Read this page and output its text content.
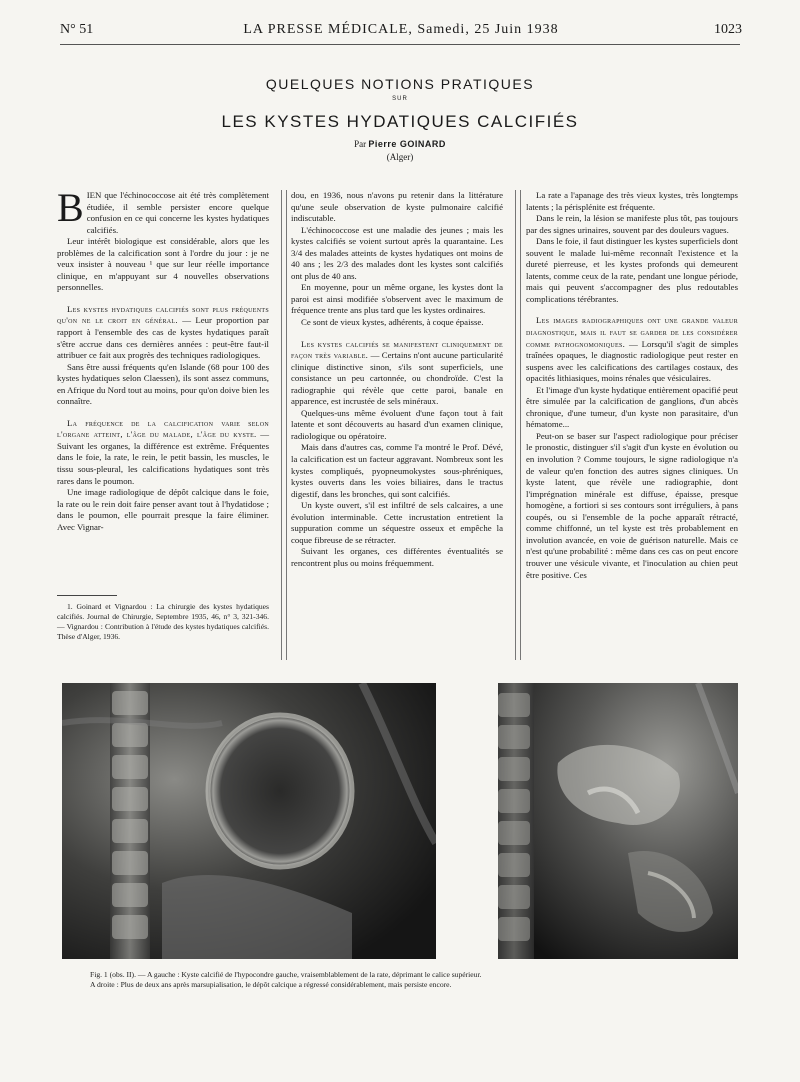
N° 51	LA PRESSE MÉDICALE, Samedi, 25 Juin 1938	1023
QUELQUES NOTIONS PRATIQUES
SUR
LES KYSTES HYDATIQUES CALCIFIÉS
Par Pierre GOINARD
(Alger)

BIEN que l'échinococcose ait été très complètement étudiée, il semble persister encore quelque confusion en ce qui concerne les kystes hydatiques calcifiés.

Leur intérêt biologique est considérable, alors que les problèmes de la calcification sont à l'ordre du jour : je ne veux insister à nouveau ¹ que sur leur réelle importance clinique, en m'appuyant sur 4 nouvelles observations personnelles.

Les kystes hydatiques calcifiés sont plus fréquents qu'on ne le croit en général. — Leur proportion par rapport à l'ensemble des cas de kystes hydatiques paraît s'être accrue dans ces dernières années : peut-être faut-il attribuer ce fait aux progrès des techniques radiologiques.

Sans être aussi fréquents qu'en Islande (68 pour 100 des kystes hydatiques selon Claessen), ils sont assez communs, en Afrique du Nord tout au moins, pour qu'on doive bien les connaître.

La fréquence de la calcification varie selon l'organe atteint, l'âge du malade, l'âge du kyste. — Suivant les organes, la différence est extrême. Fréquentes dans le foie, la rate, le rein, le petit bassin, les muscles, le tissu sous-pleural, les calcifications hydatiques sont très rares dans le poumon.

Une image radiologique de dépôt calcique dans le foie, la rate ou le rein doit faire penser avant tout à l'hydatidose ; dans le poumon, elle pourrait presque la faire éliminer. Avec Vignar-

1. Goinard et Vignardou : La chirurgie des kystes hydatiques calcifiés. Journal de Chirurgie, Septembre 1935, 46, n° 3, 321-346. — Vignardou : Contribution à l'étude des kystes hydatiques calcifiés. Thèse d'Alger, 1936.

dou, en 1936, nous n'avons pu retenir dans la littérature qu'une seule observation de kyste pulmonaire calcifié indiscutable.

L'échinococcose est une maladie des jeunes ; mais les kystes calcifiés se voient surtout après la quarantaine. Les 3/4 des malades atteints de kystes hydatiques ont moins de 40 ans ; les 2/3 des malades dont les kystes sont calcifiés ont plus de 40 ans.

En moyenne, pour un même organe, les kystes dont la paroi est ainsi modifiée s'observent avec le maximum de fréquence trente ans plus tard que les kystes ordinaires.

Ce sont de vieux kystes, adhérents, à coque épaisse.

Les kystes calcifiés se manifestent cliniquement de façon très variable. — Certains n'ont aucune particularité clinique distinctive sinon, s'ils sont superficiels, une consistance un peu cartonnée, ou chondroïde. C'est la radiographie qui révèle que cette paroi, banale en apparence, est incrustée de sels minéraux.

Quelques-uns même évoluent d'une façon tout à fait latente et sont découverts au hasard d'un examen clinique, radiologique ou opératoire.

Mais dans d'autres cas, comme l'a montré le Prof. Dévé, la calcification est un facteur aggravant. Nombreux sont les kystes compliqués, pyopneumokystes sous-phréniques, kystes ouverts dans les voies biliaires, dans le tractus digestif, dans les bronches, qui sont calcifiés.

Un kyste ouvert, s'il est infiltré de sels calcaires, a une évolution interminable. Cette incrustation entretient la suppuration comme un séquestre osseux et empêche la coque fibreuse de se rétracter.

Suivant les organes, ces différentes éventualités se rencontrent plus ou moins fréquemment.

La rate a l'apanage des très vieux kystes, très longtemps latents ; la périsplénite est fréquente.

Dans le rein, la lésion se manifeste plus tôt, pas toujours par des signes urinaires, souvent par des douleurs vagues.

Dans le foie, il faut distinguer les kystes superficiels dont souvent le malade lui-même reconnaît l'existence et la dureté pierreuse, et les kystes profonds qui demeurent latents, comme ceux de la rate, pendant une longue période, mais qui peuvent s'accompagner des plus redoutables complications térébrantes.

Les images radiographiques ont une grande valeur diagnostique, mais il faut se garder de les considérer comme pathognomoniques. — Lorsqu'il s'agit de simples traînées opaques, le diagnostic radiologique peut rester en suspens avec les calcifications des cartilages costaux, des opacités lithiasiques, moins rénales que vésiculaires.

Et l'image d'un kyste hydatique entièrement opacifié peut être simulée par la calcification de ganglions, d'un abcès chronique, d'une tumeur, d'un kyste non parasitaire, d'un hématome...

Peut-on se baser sur l'aspect radiologique pour préciser le pronostic, distinguer s'il s'agit d'un kyste en évolution ou en involution ? Comme toujours, le signe radiologique n'a de valeur qu'en fonction des autres signes cliniques. Un kyste latent, que révèle une radiographie, dont l'imprégnation minérale est diffuse, épaisse, presque homogène, a fortiori si ses contours sont irréguliers, à pans coupés, ou si l'ensemble de la poche apparaît rétracté, comme chiffonné, un tel kyste est très probablement en involution avancée, en voie de guérison naturelle. Mais ce n'est qu'une probabilité : même dans ces cas on peut encore trouver une vésicule vivante, et l'inoculation au chien peut être positive. Ces

Fig. 1 (obs. II). — A gauche : Kyste calcifié de l'hypocondre gauche, vraisemblablement de la rate, déprimant le calice supérieur.
A droite : Plus de deux ans après marsupialisation, le dépôt calcique a régressé considérablement, mais persiste encore.
